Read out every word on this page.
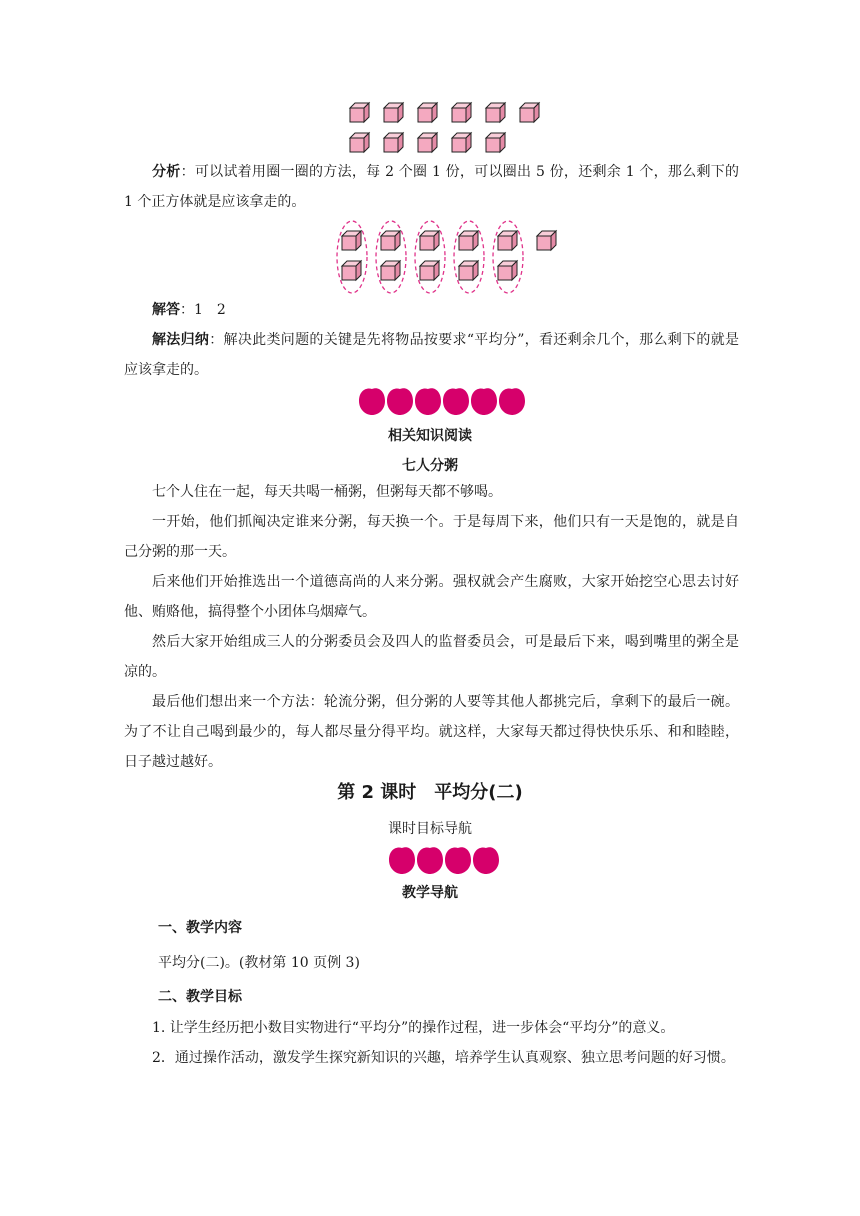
分析：可以试着用圈一圈的方法，每 2 个圈 1 份，可以圈出 5 份，还剩余 1 个，那么剩下的 1 个正方体就是应该拿走的。

解答：1　2

解法归纳：解决此类问题的关键是先将物品按要求“平均分”，看还剩余几个，那么剩下的就是应该拿走的。

相关知识阅读
七人分粥

七个人住在一起，每天共喝一桶粥，但粥每天都不够喝。

一开始，他们抓阄决定谁来分粥，每天换一个。于是每周下来，他们只有一天是饱的，就是自己分粥的那一天。

后来他们开始推选出一个道德高尚的人来分粥。强权就会产生腐败，大家开始挖空心思去讨好他、贿赂他，搞得整个小团体乌烟瘴气。

然后大家开始组成三人的分粥委员会及四人的监督委员会，可是最后下来，喝到嘴里的粥全是凉的。

最后他们想出来一个方法：轮流分粥，但分粥的人要等其他人都挑完后，拿剩下的最后一碗。为了不让自己喝到最少的，每人都尽量分得平均。就这样，大家每天都过得快快乐乐、和和睦睦，日子越过越好。

第 2 课时　平均分(二)
课时目标导航
教学导航
一、教学内容
平均分(二)。(教材第 10 页例 3)
二、教学目标

1. 让学生经历把小数目实物进行“平均分”的操作过程，进一步体会“平均分”的意义。

2．通过操作活动，激发学生探究新知识的兴趣，培养学生认真观察、独立思考问题的好习惯。
